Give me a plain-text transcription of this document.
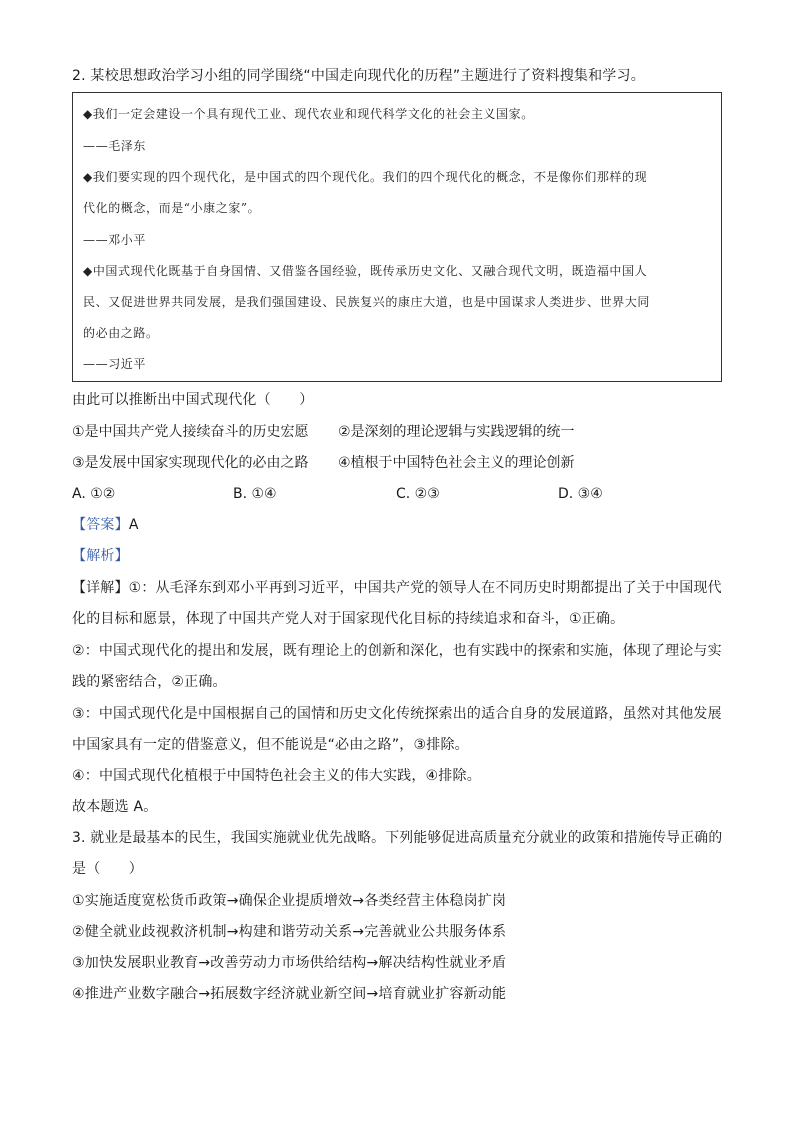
2. 某校思想政治学习小组的同学围绕“中国走向现代化的历程”主题进行了资料搜集和学习。
◆我们一定会建设一个具有现代工业、现代农业和现代科学文化的社会主义国家。
——毛泽东
◆我们要实现的四个现代化，是中国式的四个现代化。我们的四个现代化的概念，不是像你们那样的现
代化的概念，而是“小康之家”。
——邓小平
◆中国式现代化既基于自身国情、又借鉴各国经验，既传承历史文化、又融合现代文明，既造福中国人
民、又促进世界共同发展，是我们强国建设、民族复兴的康庄大道，也是中国谋求人类进步、世界大同
的必由之路。
——习近平
由此可以推断出中国式现代化（　　）
①是中国共产党人接续奋斗的历史宏愿 ②是深刻的理论逻辑与实践逻辑的统一
③是发展中国家实现现代化的必由之路 ④植根于中国特色社会主义的理论创新
A. ①②	B. ①④	C. ②③	D. ③④
【答案】A
【解析】
【详解】①：从毛泽东到邓小平再到习近平，中国共产党的领导人在不同历史时期都提出了关于中国现代
化的目标和愿景，体现了中国共产党人对于国家现代化目标的持续追求和奋斗，①正确。
②：中国式现代化的提出和发展，既有理论上的创新和深化，也有实践中的探索和实施，体现了理论与实
践的紧密结合，②正确。
③：中国式现代化是中国根据自己的国情和历史文化传统探索出的适合自身的发展道路，虽然对其他发展
中国家具有一定的借鉴意义，但不能说是“必由之路”，③排除。
④：中国式现代化植根于中国特色社会主义的伟大实践，④排除。
故本题选 A。
3. 就业是最基本的民生，我国实施就业优先战略。下列能够促进高质量充分就业的政策和措施传导正确的
是（　　）
①实施适度宽松货币政策→确保企业提质增效→各类经营主体稳岗扩岗
②健全就业歧视救济机制→构建和谐劳动关系→完善就业公共服务体系
③加快发展职业教育→改善劳动力市场供给结构→解决结构性就业矛盾
④推进产业数字融合→拓展数字经济就业新空间→培育就业扩容新动能
